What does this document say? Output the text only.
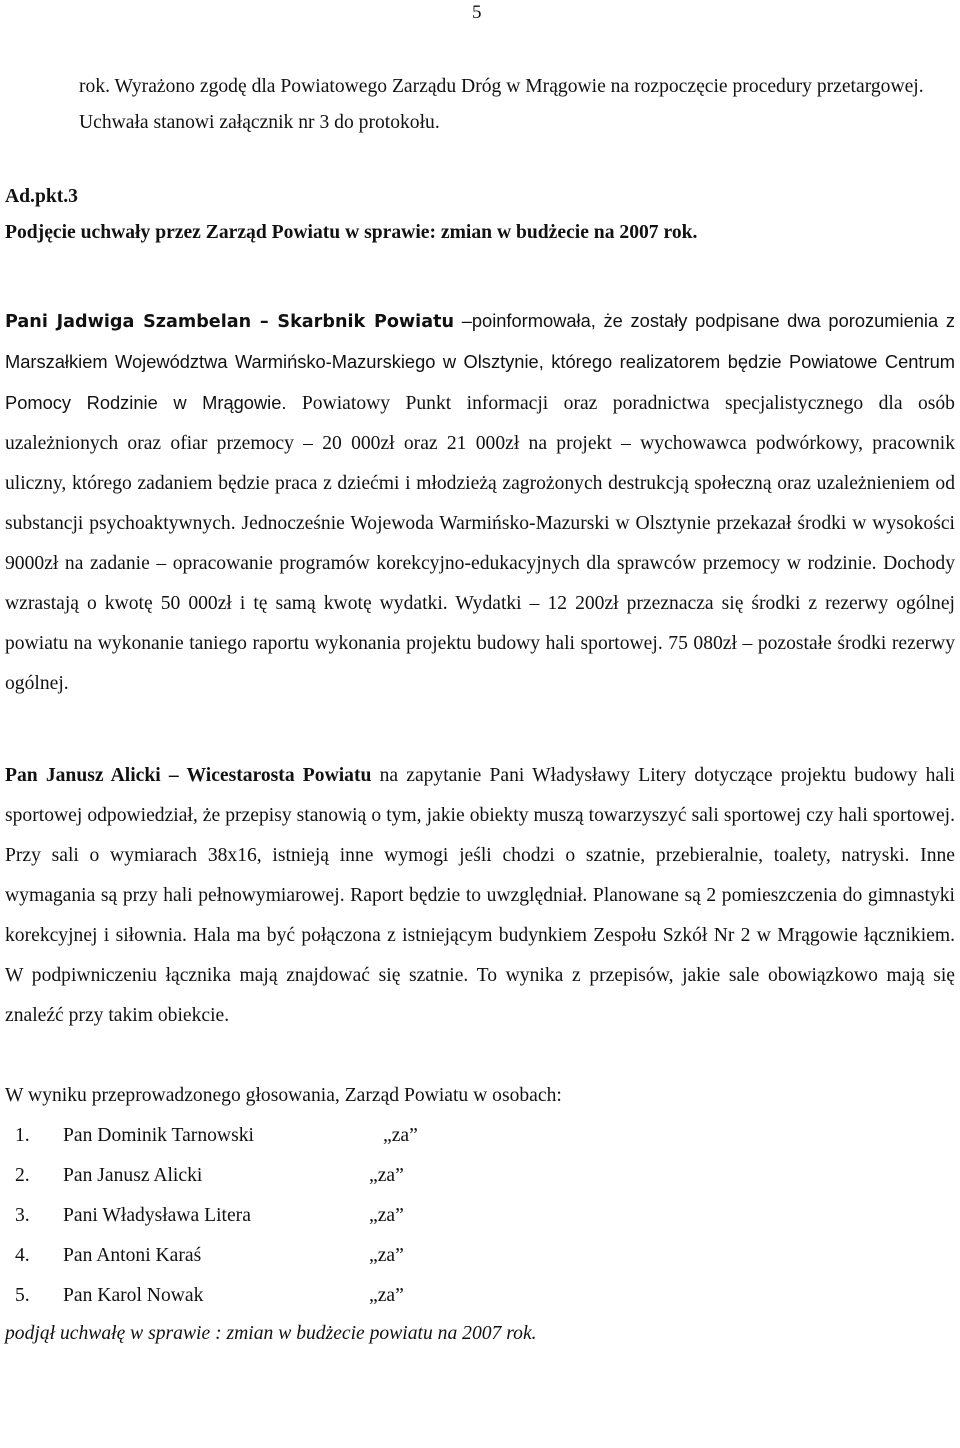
5

rok. Wyrażono zgodę dla Powiatowego Zarządu Dróg w Mrągowie na rozpoczęcie procedury przetargowej.

Uchwała stanowi załącznik nr 3 do protokołu.

Ad.pkt.3
Podjęcie uchwały przez Zarząd Powiatu w sprawie: zmian w budżecie na 2007 rok.

Pani Jadwiga Szambelan – Skarbnik Powiatu –poinformowała, że zostały podpisane dwa porozumienia z Marszałkiem Województwa Warmińsko-Mazurskiego w Olsztynie, którego realizatorem będzie Powiatowe Centrum Pomocy Rodzinie w Mrągowie. Powiatowy Punkt informacji oraz poradnictwa specjalistycznego dla osób uzależnionych oraz ofiar przemocy – 20 000zł oraz 21 000zł na projekt – wychowawca podwórkowy, pracownik uliczny, którego zadaniem będzie praca z dziećmi i młodzieżą zagrożonych destrukcją społeczną oraz uzależnieniem od substancji psychoaktywnych. Jednocześnie Wojewoda Warmińsko-Mazurski w Olsztynie przekazał środki w wysokości 9000zł na zadanie – opracowanie programów korekcyjno-edukacyjnych dla sprawców przemocy w rodzinie. Dochody wzrastają o kwotę 50 000zł i tę samą kwotę wydatki. Wydatki – 12 200zł przeznacza się środki z rezerwy ogólnej powiatu na wykonanie taniego raportu wykonania projektu budowy hali sportowej. 75 080zł – pozostałe środki rezerwy ogólnej.

Pan Janusz Alicki – Wicestarosta Powiatu na zapytanie Pani Władysławy Litery dotyczące projektu budowy hali sportowej odpowiedział, że przepisy stanowią o tym, jakie obiekty muszą towarzyszyć sali sportowej czy hali sportowej. Przy sali o wymiarach 38x16, istnieją inne wymogi jeśli chodzi o szatnie, przebieralnie, toalety, natryski. Inne wymagania są przy hali pełnowymiarowej. Raport będzie to uwzględniał. Planowane są 2 pomieszczenia do gimnastyki korekcyjnej i siłownia. Hala ma być połączona z istniejącym budynkiem Zespołu Szkół Nr 2 w Mrągowie łącznikiem. W podpiwniczeniu łącznika mają znajdować się szatnie. To wynika z przepisów, jakie sale obowiązkowo mają się znaleźć przy takim obiekcie.

W wyniku przeprowadzonego głosowania, Zarząd Powiatu w osobach:

1.	Pan Dominik Tarnowski	„za”
2.	Pan Janusz Alicki	„za”
3.	Pani Władysława Litera	„za”
4.	Pan Antoni Karaś	„za”
5.	Pan Karol Nowak	„za”

podjął uchwałę w sprawie : zmian w budżecie powiatu na 2007 rok.
